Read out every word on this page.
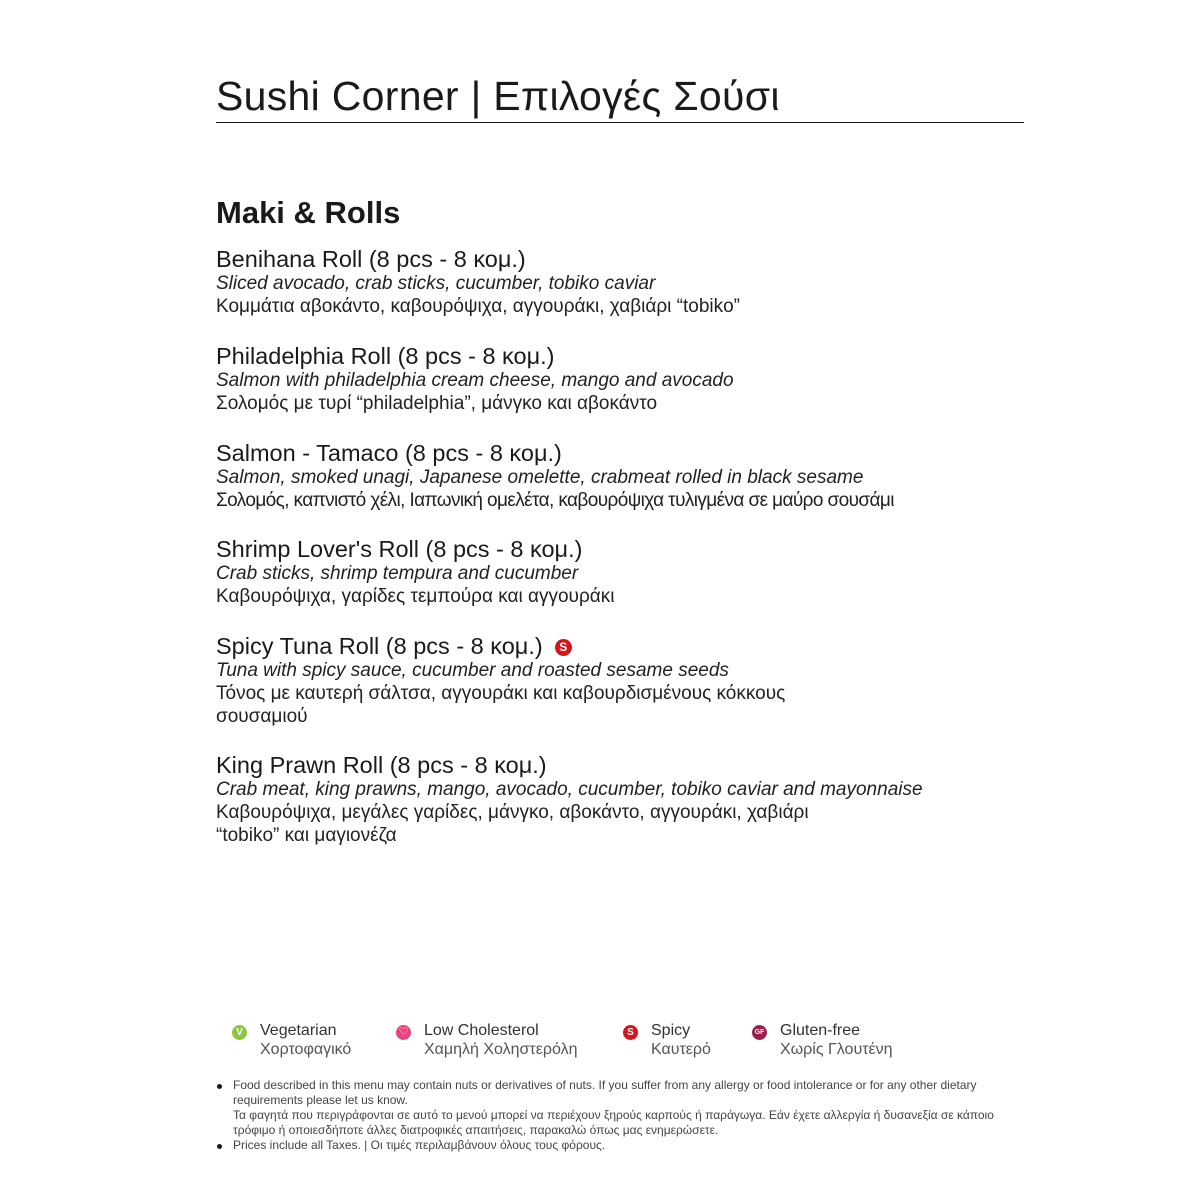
Sushi Corner | Επιλογές Σούσι
Maki & Rolls
Benihana Roll (8 pcs - 8 κομ.)
Sliced avocado, crab sticks, cucumber, tobiko caviar
Κομμάτια αβοκάντο, καβουρόψιχα, αγγουράκι, χαβιάρι “tobiko”
Philadelphia Roll (8 pcs - 8 κομ.)
Salmon with philadelphia cream cheese, mango and avocado
Σολομός με τυρί “philadelphia”, μάνγκο και αβοκάντο
Salmon - Tamaco (8 pcs - 8 κομ.)
Salmon, smoked unagi, Japanese omelette, crabmeat rolled in black sesame
Σολομός, καπνιστό χέλι, Ιαπωνική ομελέτα, καβουρόψιχα τυλιγμένα σε μαύρο σουσάμι
Shrimp Lover's Roll (8 pcs - 8 κομ.)
Crab sticks, shrimp tempura and cucumber
Καβουρόψιχα, γαρίδες τεμπούρα και αγγουράκι
Spicy Tuna Roll (8 pcs - 8 κομ.) S
Tuna with spicy sauce, cucumber and roasted sesame seeds
Τόνος με καυτερή σάλτσα, αγγουράκι και καβουρδισμένους κόκκους σουσαμιού
King Prawn Roll (8 pcs - 8 κομ.)
Crab meat, king prawns, mango, avocado, cucumber, tobiko caviar and mayonnaise
Καβουρόψιχα, μεγάλες γαρίδες, μάνγκο, αβοκάντο, αγγουράκι, χαβιάρι “tobiko” και μαγιονέζα
V Vegetarian
Χορτοφαγικό
♡ Low Cholesterol
Χαμηλή Χοληστερόλη
S Spicy
Καυτερό
GF Gluten-free
Χωρίς Γλουτένη
Food described in this menu may contain nuts or derivatives of nuts. If you suffer from any allergy or food intolerance or for any other dietary requirements please let us know.
Τα φαγητά που περιγράφονται σε αυτό το μενού μπορεί να περιέχουν ξηρούς καρπούς ή παράγωγα. Εάν έχετε αλλεργία ή δυσανεξία σε κάποιο τρόφιμο ή οποιεσδήποτε άλλες διατροφικές απαιτήσεις, παρακαλώ όπως μας ενημερώσετε.
Prices include all Taxes. | Οι τιμές περιλαμβάνουν όλους τους φόρους.
